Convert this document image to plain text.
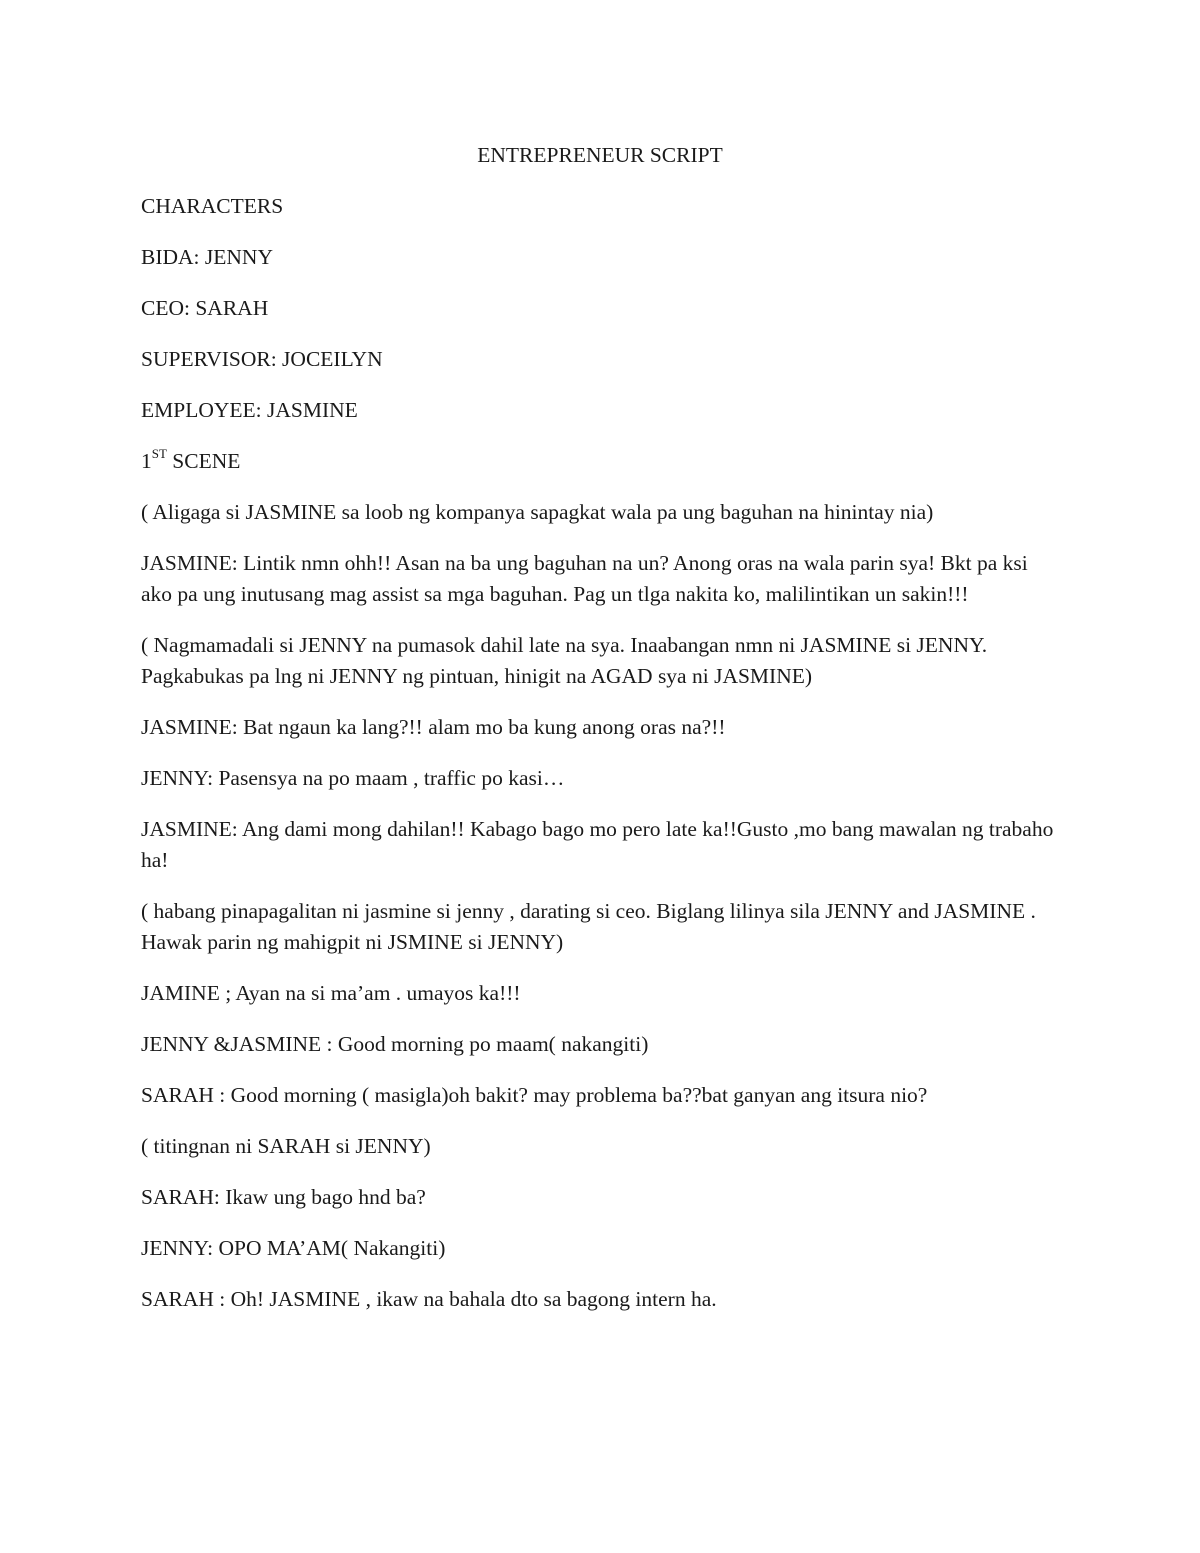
ENTREPRENEUR SCRIPT

CHARACTERS

BIDA: JENNY

CEO: SARAH

SUPERVISOR: JOCEILYN

EMPLOYEE: JASMINE

1ST SCENE

( Aligaga si JASMINE sa loob ng kompanya sapagkat wala pa ung baguhan na hinintay nia)

JASMINE: Lintik nmn ohh!! Asan na ba ung baguhan na un? Anong oras na wala parin sya! Bkt pa ksi ako pa ung inutusang mag assist sa mga baguhan. Pag un tlga nakita ko, malilintikan un sakin!!!

( Nagmamadali si JENNY na pumasok dahil late na sya. Inaabangan nmn ni JASMINE si JENNY. Pagkabukas pa lng ni JENNY ng pintuan, hinigit na AGAD sya ni JASMINE)

JASMINE: Bat ngaun ka lang?!! alam mo ba kung anong oras na?!!

JENNY: Pasensya na po maam , traffic po kasi…

JASMINE: Ang dami mong dahilan!! Kabago bago mo pero late ka!!Gusto ,mo bang mawalan ng trabaho ha!

( habang pinapagalitan ni jasmine si jenny , darating si ceo. Biglang lilinya sila JENNY and JASMINE . Hawak parin ng mahigpit ni JSMINE si JENNY)

JAMINE ; Ayan na si ma’am . umayos ka!!!

JENNY &JASMINE : Good morning po maam( nakangiti)

SARAH : Good morning ( masigla)oh bakit? may problema ba??bat ganyan ang itsura nio?

( titingnan ni SARAH si JENNY)

SARAH: Ikaw ung bago hnd ba?

JENNY: OPO MA’AM( Nakangiti)

SARAH : Oh! JASMINE , ikaw na bahala dto sa bagong intern ha.
